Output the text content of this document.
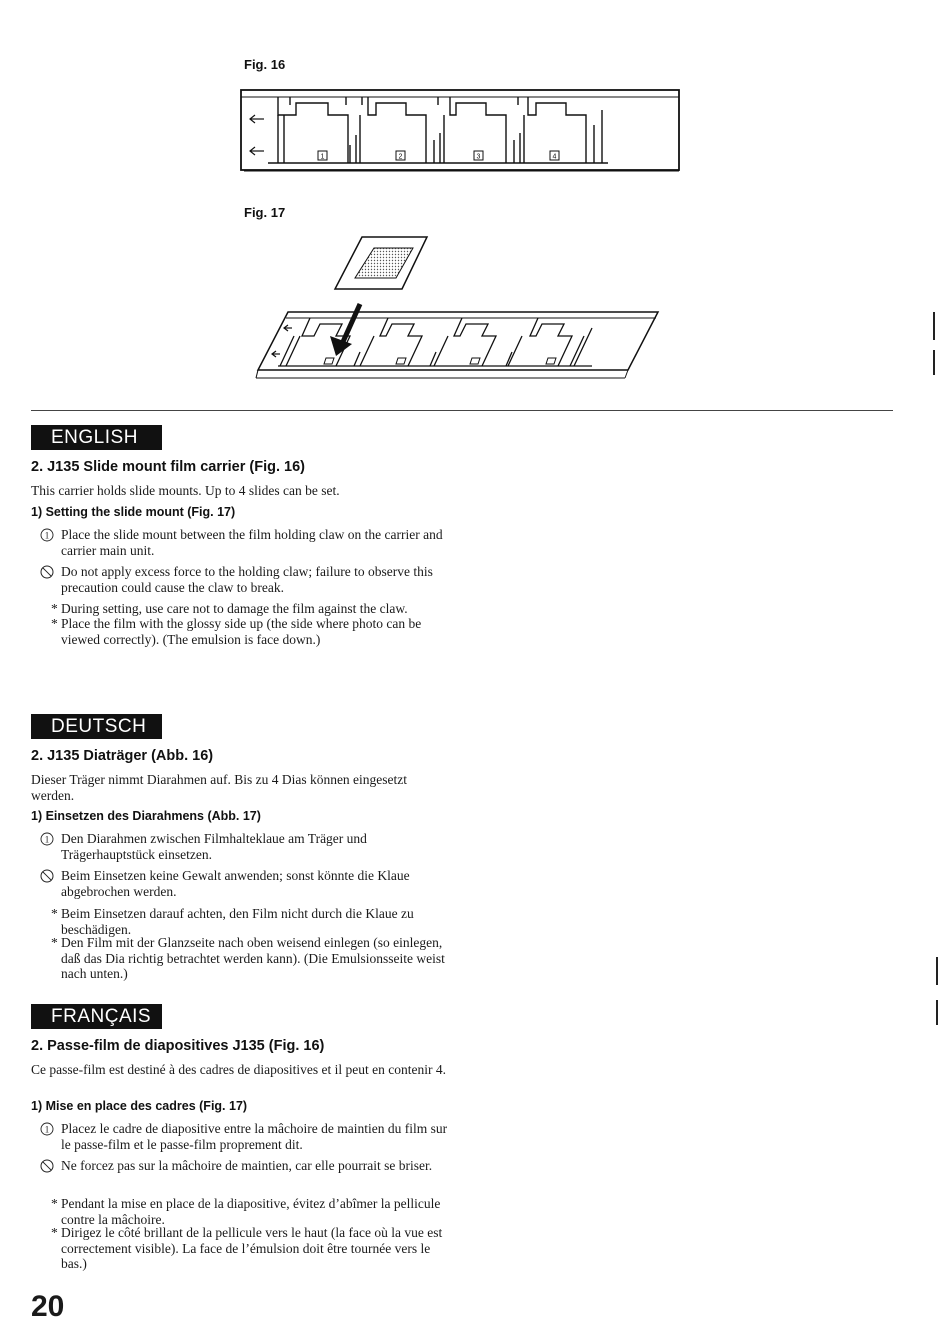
Fig. 16
1	2	3	4
Fig. 17
ENGLISH
2. J135 Slide mount film carrier (Fig. 16)
This carrier holds slide mounts. Up to 4 slides can be set.
1) Setting the slide mount (Fig. 17)
1 Place the slide mount between the film holding claw on the carrier and carrier main unit.
Do not apply excess force to the holding claw; failure to observe this precaution could cause the claw to break.
* During setting, use care not to damage the film against the claw.
* Place the film with the glossy side up (the side where photo can be viewed correctly). (The emulsion is face down.)
DEUTSCH
2. J135 Diaträger (Abb. 16)
Dieser Träger nimmt Diarahmen auf. Bis zu 4 Dias können eingesetzt werden.
1) Einsetzen des Diarahmens (Abb. 17)
1 Den Diarahmen zwischen Filmhalteklaue am Träger und Trägerhauptstück einsetzen.
Beim Einsetzen keine Gewalt anwenden; sonst könnte die Klaue abgebrochen werden.
* Beim Einsetzen darauf achten, den Film nicht durch die Klaue zu beschädigen.
* Den Film mit der Glanzseite nach oben weisend einlegen (so einlegen, daß das Dia richtig betrachtet werden kann). (Die Emulsionsseite weist nach unten.)
FRANÇAIS
2. Passe-film de diapositives J135 (Fig. 16)
Ce passe-film est destiné à des cadres de diapositives et il peut en contenir 4.
1) Mise en place des cadres (Fig. 17)
1 Placez le cadre de diapositive entre la mâchoire de maintien du film sur le passe-film et le passe-film proprement dit.
Ne forcez pas sur la mâchoire de maintien, car elle pourrait se briser.
* Pendant la mise en place de la diapositive, évitez d’abîmer la pellicule contre la mâchoire.
* Dirigez le côté brillant de la pellicule vers le haut (la face où la vue est correctement visible). La face de l’émulsion doit être tournée vers le bas.)
20
